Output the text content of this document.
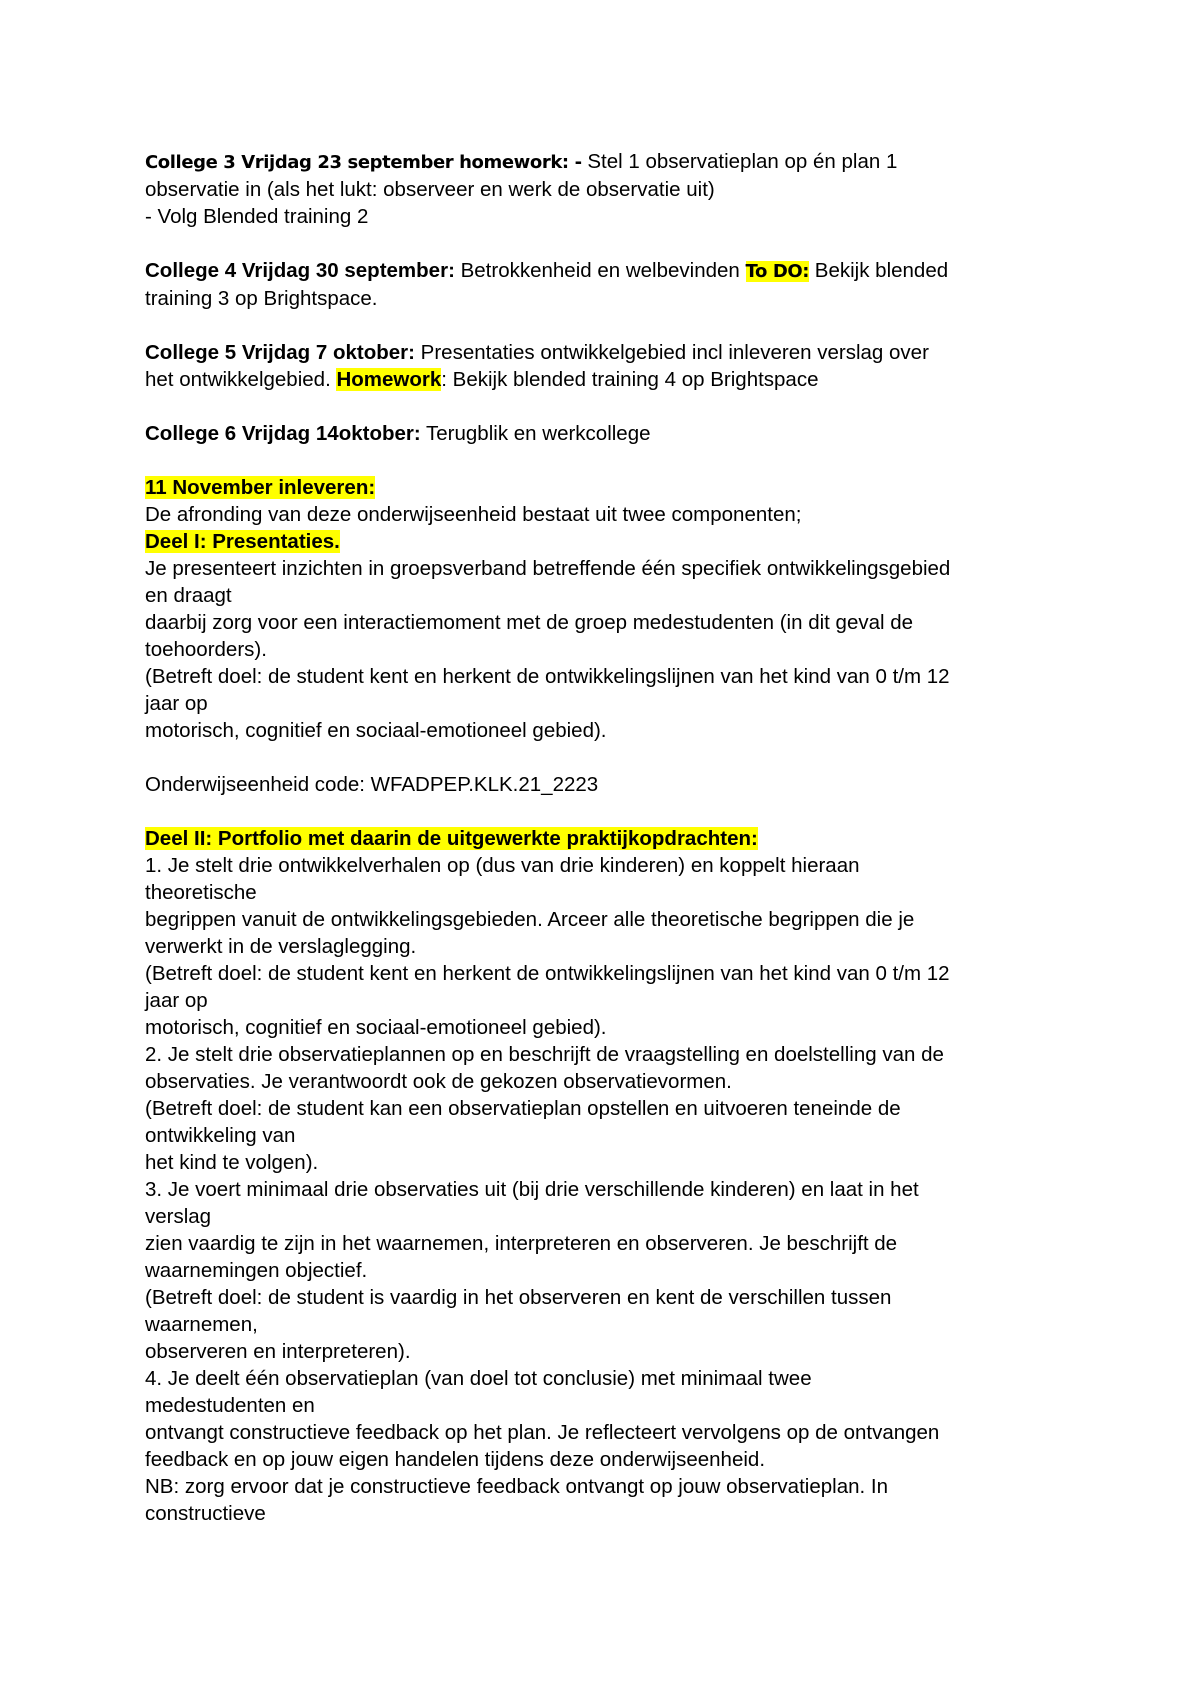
College 3 Vrijdag 23 september homework: - Stel 1 observatieplan op én plan 1
observatie in (als het lukt: observeer en werk de observatie uit)
- Volg Blended training 2
College 4 Vrijdag 30 september: Betrokkenheid en welbevinden To DO: Bekijk blended
training 3 op Brightspace.
College 5 Vrijdag 7 oktober: Presentaties ontwikkelgebied incl inleveren verslag over
het ontwikkelgebied. Homework: Bekijk blended training 4 op Brightspace
College 6 Vrijdag 14oktober: Terugblik en werkcollege
11 November inleveren:
De afronding van deze onderwijseenheid bestaat uit twee componenten;
Deel I: Presentaties.
Je presenteert inzichten in groepsverband betreffende één specifiek ontwikkelingsgebied
en draagt
daarbij zorg voor een interactiemoment met de groep medestudenten (in dit geval de
toehoorders).
(Betreft doel: de student kent en herkent de ontwikkelingslijnen van het kind van 0 t/m 12
jaar op
motorisch, cognitief en sociaal-emotioneel gebied).
Onderwijseenheid code: WFADPEP.KLK.21_2223
Deel II: Portfolio met daarin de uitgewerkte praktijkopdrachten:
1. Je stelt drie ontwikkelverhalen op (dus van drie kinderen) en koppelt hieraan
theoretische
begrippen vanuit de ontwikkelingsgebieden. Arceer alle theoretische begrippen die je
verwerkt in de verslaglegging.
(Betreft doel: de student kent en herkent de ontwikkelingslijnen van het kind van 0 t/m 12
jaar op
motorisch, cognitief en sociaal-emotioneel gebied).
2. Je stelt drie observatieplannen op en beschrijft de vraagstelling en doelstelling van de
observaties. Je verantwoordt ook de gekozen observatievormen.
(Betreft doel: de student kan een observatieplan opstellen en uitvoeren teneinde de
ontwikkeling van
het kind te volgen).
3. Je voert minimaal drie observaties uit (bij drie verschillende kinderen) en laat in het
verslag
zien vaardig te zijn in het waarnemen, interpreteren en observeren. Je beschrijft de
waarnemingen objectief.
(Betreft doel: de student is vaardig in het observeren en kent de verschillen tussen
waarnemen,
observeren en interpreteren).
4. Je deelt één observatieplan (van doel tot conclusie) met minimaal twee
medestudenten en
ontvangt constructieve feedback op het plan. Je reflecteert vervolgens op de ontvangen
feedback en op jouw eigen handelen tijdens deze onderwijseenheid.
NB: zorg ervoor dat je constructieve feedback ontvangt op jouw observatieplan. In
constructieve
